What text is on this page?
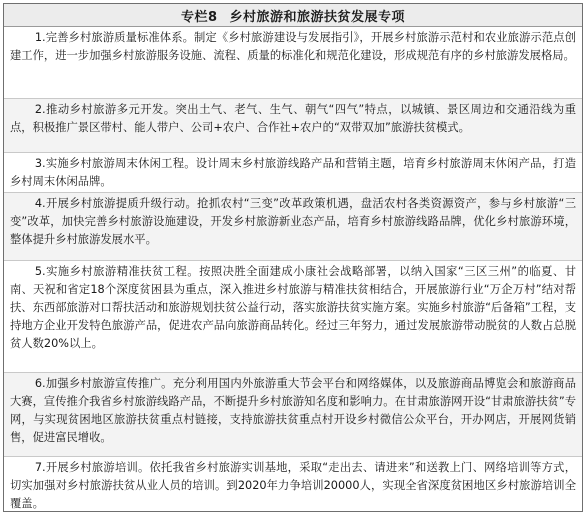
专栏8 乡村旅游和旅游扶贫发展专项
1.完善乡村旅游质量标准体系。制定《乡村旅游建设与发展指引》，开展乡村旅游示范村和农业旅游示范点创建工作，进一步加强乡村旅游服务设施、流程、质量的标准化和规范化建设，形成规范有序的乡村旅游发展格局。
2.推动乡村旅游多元开发。突出土气、老气、生气、朝气“四气”特点，以城镇、景区周边和交通沿线为重点，积极推广景区带村、能人带户、公司+农户、合作社+农户的“双带双加”旅游扶贫模式。
3.实施乡村旅游周末休闲工程。设计周末乡村旅游线路产品和营销主题，培育乡村旅游周末休闲产品，打造乡村周末休闲品牌。
4.开展乡村旅游提质升级行动。抢抓农村“三变”改革政策机遇，盘活农村各类资源资产，参与乡村旅游“三变”改革，加快完善乡村旅游设施建设，开发乡村旅游新业态产品，培育乡村旅游线路品牌，优化乡村旅游环境，整体提升乡村旅游发展水平。
5.实施乡村旅游精准扶贫工程。按照决胜全面建成小康社会战略部署，以纳入国家“三区三州”的临夏、甘南、天祝和省定18个深度贫困县为重点，深入推进乡村旅游与精准扶贫相结合，开展旅游行业“万企万村”结对帮扶、东西部旅游对口帮扶活动和旅游规划扶贫公益行动，落实旅游扶贫实施方案。实施乡村旅游“后备箱”工程，支持地方企业开发特色旅游产品，促进农产品向旅游商品转化。经过三年努力，通过发展旅游带动脱贫的人数占总脱贫人数20%以上。
6.加强乡村旅游宣传推广。充分利用国内外旅游重大节会平台和网络媒体，以及旅游商品博览会和旅游商品大赛，宣传推介我省乡村旅游线路产品，不断提升乡村旅游知名度和影响力。在甘肃旅游网开设“甘肃旅游扶贫”专网，与实现贫困地区旅游扶贫重点村链接，支持旅游扶贫重点村开设乡村微信公众平台，开办网店，开展网货销售，促进富民增收。
7.开展乡村旅游培训。依托我省乡村旅游实训基地，采取“走出去、请进来”和送教上门、网络培训等方式，切实加强对乡村旅游扶贫从业人员的培训。到2020年力争培训20000人，实现全省深度贫困地区乡村旅游培训全覆盖。
